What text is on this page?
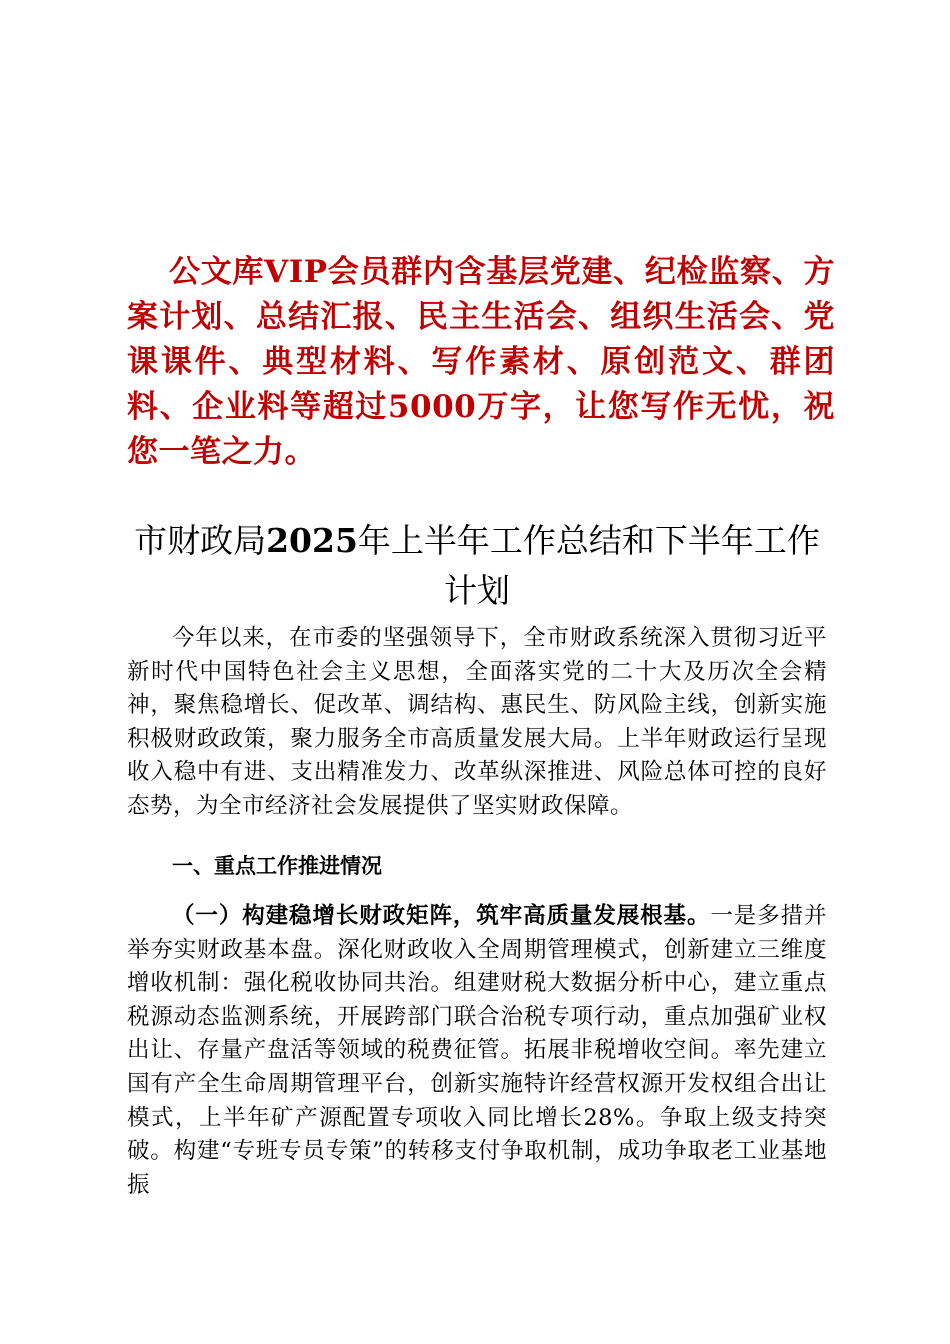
公文库VIP会员群内含基层党建、纪检监察、方案计划、总结汇报、民主生活会、组织生活会、党课课件、典型材料、写作素材、原创范文、群团料、企业料等超过5000万字，让您写作无忧，祝您一笔之力。
市财政局2025年上半年工作总结和下半年工作计划

今年以来，在市委的坚强领导下，全市财政系统深入贯彻习近平新时代中国特色社会主义思想，全面落实党的二十大及历次全会精神，聚焦稳增长、促改革、调结构、惠民生、防风险主线，创新实施积极财政政策，聚力服务全市高质量发展大局。上半年财政运行呈现收入稳中有进、支出精准发力、改革纵深推进、风险总体可控的良好态势，为全市经济社会发展提供了坚实财政保障。

一、重点工作推进情况

（一）构建稳增长财政矩阵，筑牢高质量发展根基。一是多措并举夯实财政基本盘。深化财政收入全周期管理模式，创新建立三维度增收机制：强化税收协同共治。组建财税大数据分析中心，建立重点税源动态监测系统，开展跨部门联合治税专项行动，重点加强矿业权出让、存量产盘活等领域的税费征管。拓展非税增收空间。率先建立国有产全生命周期管理平台，创新实施特许经营权源开发权组合出让模式，上半年矿产源配置专项收入同比增长28%。争取上级支持突破。构建“专班专员专策”的转移支付争取机制，成功争取老工业基地振
